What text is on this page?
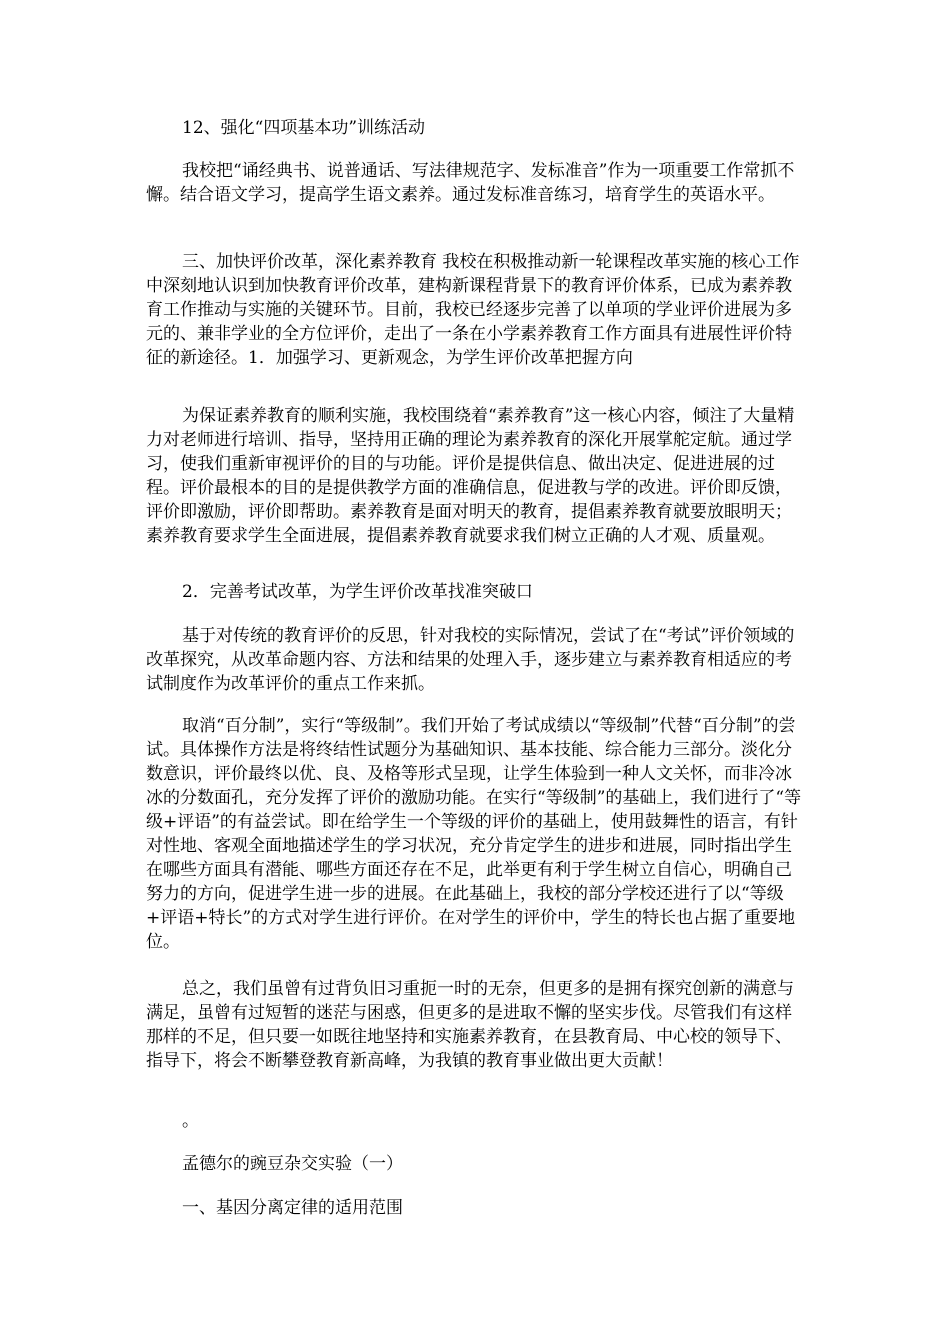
12、强化“四项基本功”训练活动

我校把“诵经典书、说普通话、写法律规范字、发标准音”作为一项重要工作常抓不懈。结合语文学习，提高学生语文素养。通过发标准音练习，培育学生的英语水平。

三、加快评价改革，深化素养教育 我校在积极推动新一轮课程改革实施的核心工作中深刻地认识到加快教育评价改革，建构新课程背景下的教育评价体系，已成为素养教育工作推动与实施的关键环节。目前，我校已经逐步完善了以单项的学业评价进展为多元的、兼非学业的全方位评价，走出了一条在小学素养教育工作方面具有进展性评价特征的新途径。1．加强学习、更新观念，为学生评价改革把握方向

为保证素养教育的顺利实施，我校围绕着“素养教育”这一核心内容，倾注了大量精力对老师进行培训、指导，坚持用正确的理论为素养教育的深化开展掌舵定航。通过学习，使我们重新审视评价的目的与功能。评价是提供信息、做出决定、促进进展的过程。评价最根本的目的是提供教学方面的准确信息，促进教与学的改进。评价即反馈，评价即激励，评价即帮助。素养教育是面对明天的教育，提倡素养教育就要放眼明天；素养教育要求学生全面进展，提倡素养教育就要求我们树立正确的人才观、质量观。

2．完善考试改革，为学生评价改革找准突破口

基于对传统的教育评价的反思，针对我校的实际情况，尝试了在“考试”评价领域的改革探究，从改革命题内容、方法和结果的处理入手，逐步建立与素养教育相适应的考试制度作为改革评价的重点工作来抓。

取消“百分制”，实行“等级制”。我们开始了考试成绩以“等级制”代替“百分制”的尝试。具体操作方法是将终结性试题分为基础知识、基本技能、综合能力三部分。淡化分数意识，评价最终以优、良、及格等形式呈现，让学生体验到一种人文关怀，而非冷冰冰的分数面孔，充分发挥了评价的激励功能。在实行“等级制”的基础上，我们进行了“等级+评语”的有益尝试。即在给学生一个等级的评价的基础上，使用鼓舞性的语言，有针对性地、客观全面地描述学生的学习状况，充分肯定学生的进步和进展，同时指出学生在哪些方面具有潜能、哪些方面还存在不足，此举更有利于学生树立自信心，明确自己努力的方向，促进学生进一步的进展。在此基础上，我校的部分学校还进行了以“等级+评语+特长”的方式对学生进行评价。在对学生的评价中，学生的特长也占据了重要地位。

总之，我们虽曾有过背负旧习重扼一时的无奈，但更多的是拥有探究创新的满意与满足，虽曾有过短暂的迷茫与困惑，但更多的是进取不懈的坚实步伐。尽管我们有这样那样的不足，但只要一如既往地坚持和实施素养教育，在县教育局、中心校的领导下、指导下，将会不断攀登教育新高峰，为我镇的教育事业做出更大贡献！

。

孟德尔的豌豆杂交实验（一）

一、基因分离定律的适用范围
